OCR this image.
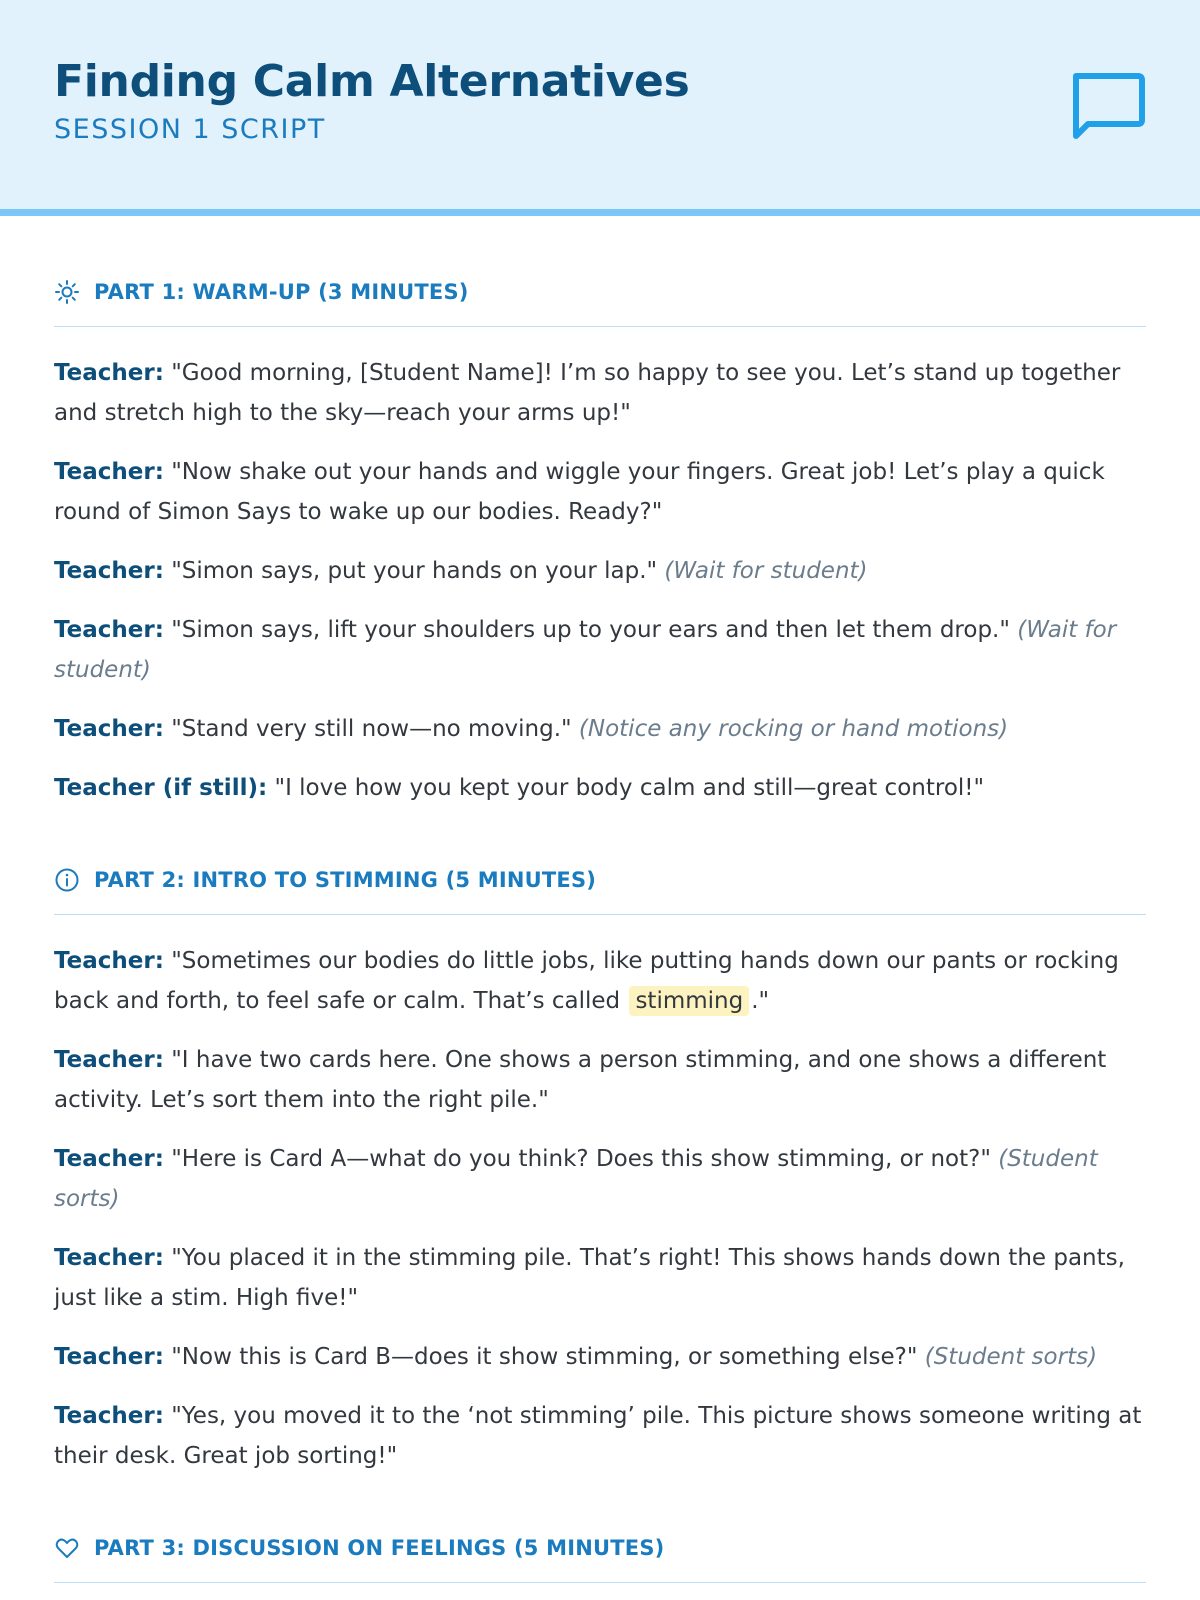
Finding Calm Alternatives
SESSION 1 SCRIPT
PART 1: WARM-UP (3 MINUTES)

Teacher: "Good morning, [Student Name]! I’m so happy to see you. Let’s stand up together and stretch high to the sky—reach your arms up!"

Teacher: "Now shake out your hands and wiggle your fingers. Great job! Let’s play a quick round of Simon Says to wake up our bodies. Ready?"

Teacher: "Simon says, put your hands on your lap." (Wait for student)

Teacher: "Simon says, lift your shoulders up to your ears and then let them drop." (Wait for student)

Teacher: "Stand very still now—no moving." (Notice any rocking or hand motions)

Teacher (if still): "I love how you kept your body calm and still—great control!"

PART 2: INTRO TO STIMMING (5 MINUTES)

Teacher: "Sometimes our bodies do little jobs, like putting hands down our pants or rocking back and forth, to feel safe or calm. That’s called stimming ."

Teacher: "I have two cards here. One shows a person stimming, and one shows a different activity. Let’s sort them into the right pile."

Teacher: "Here is Card A—what do you think? Does this show stimming, or not?" (Student sorts)

Teacher: "You placed it in the stimming pile. That’s right! This shows hands down the pants, just like a stim. High five!"

Teacher: "Now this is Card B—does it show stimming, or something else?" (Student sorts)

Teacher: "Yes, you moved it to the ‘not stimming’ pile. This picture shows someone writing at their desk. Great job sorting!"

PART 3: DISCUSSION ON FEELINGS (5 MINUTES)
